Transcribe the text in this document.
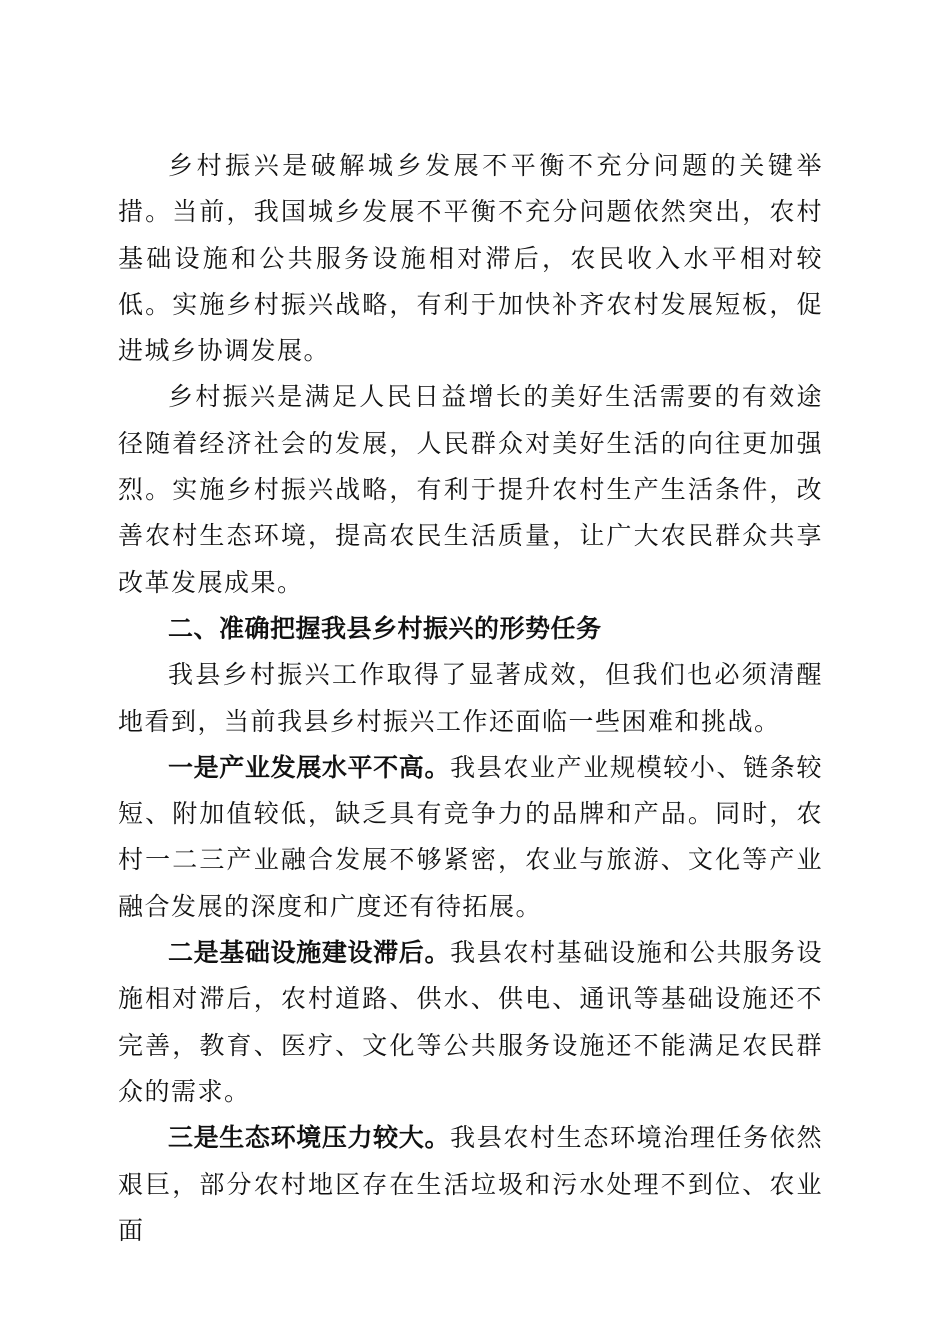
乡村振兴是破解城乡发展不平衡不充分问题的关键举措。当前，我国城乡发展不平衡不充分问题依然突出，农村基础设施和公共服务设施相对滞后，农民收入水平相对较低。实施乡村振兴战略，有利于加快补齐农村发展短板，促进城乡协调发展。

乡村振兴是满足人民日益增长的美好生活需要的有效途径随着经济社会的发展，人民群众对美好生活的向往更加强烈。实施乡村振兴战略，有利于提升农村生产生活条件，改善农村生态环境，提高农民生活质量，让广大农民群众共享改革发展成果。

二、准确把握我县乡村振兴的形势任务

我县乡村振兴工作取得了显著成效，但我们也必须清醒地看到，当前我县乡村振兴工作还面临一些困难和挑战。

一是产业发展水平不高。我县农业产业规模较小、链条较短、附加值较低，缺乏具有竞争力的品牌和产品。同时，农村一二三产业融合发展不够紧密，农业与旅游、文化等产业融合发展的深度和广度还有待拓展。

二是基础设施建设滞后。我县农村基础设施和公共服务设施相对滞后，农村道路、供水、供电、通讯等基础设施还不完善，教育、医疗、文化等公共服务设施还不能满足农民群众的需求。

三是生态环境压力较大。我县农村生态环境治理任务依然艰巨，部分农村地区存在生活垃圾和污水处理不到位、农业面
